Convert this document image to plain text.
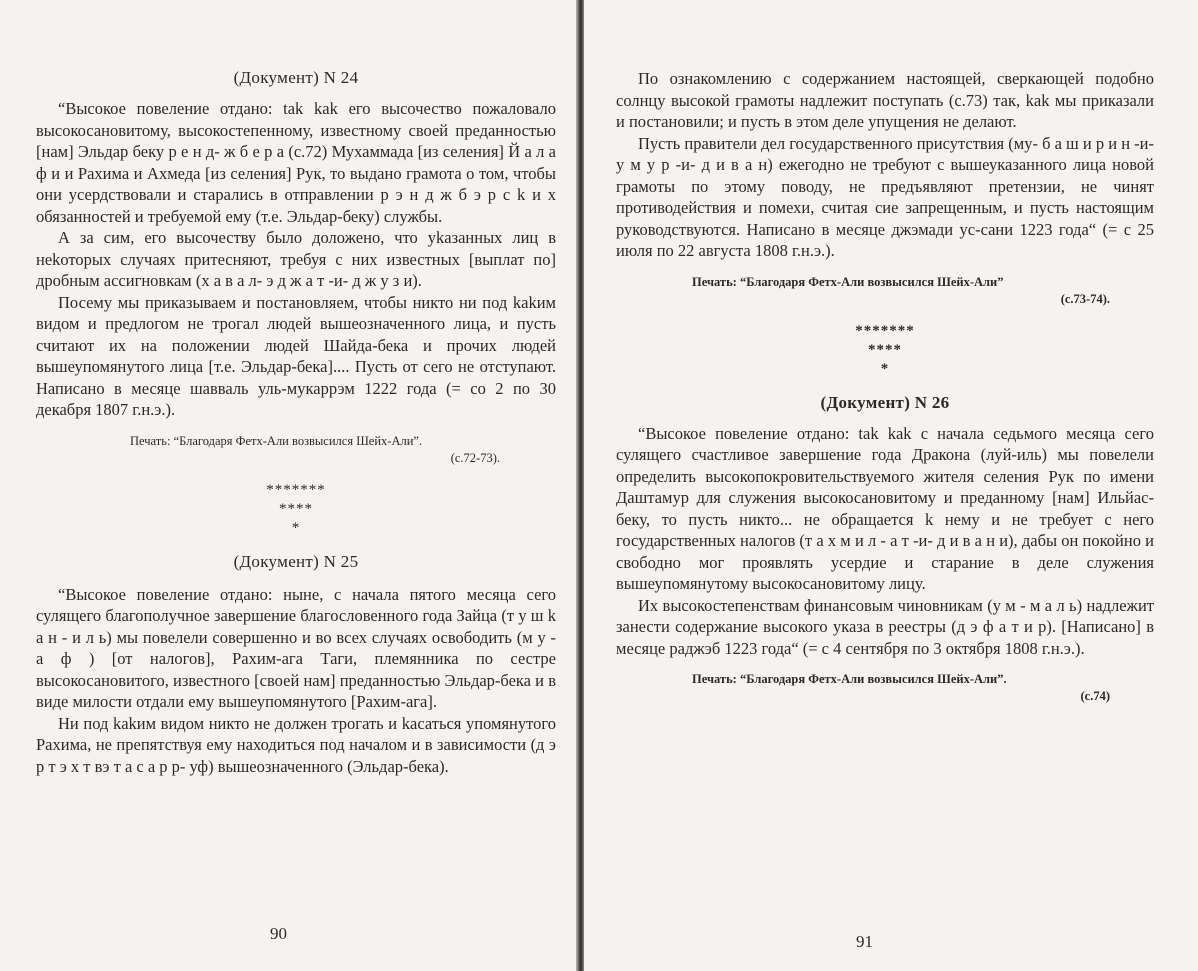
(Документ) N 24

“Высокое повеление отдано: tak kak его высочество пожаловало высокосановитому, высокостепенному, известному своей преданностью [нам] Эльдар беку р е н д- ж б е р а (с.72) Мухаммада [из селения] Й а л а ф и и Рахима и Ахмеда [из селения] Рук, то выдано грамота о том, чтобы они усердствовали и старались в отправлении р э н д ж б э р с k и х обязанностей и требуемой ему (т.е. Эльдар-беку) службы.

А за сим, его высочеству было доложено, что ykазанных лиц в неkоторых случаях притесняют, требуя с них известных [выплат по] дробным ассигновкам (х а в а л- э д ж а т -и- д ж у з и).

Посему мы приказываем и постановляем, чтобы никто ни под kаkим видом и предлогом не трогал людей вышеозначенного лица, и пусть считают их на положении людей Шайда-бека и прочих людей вышеупомянутого лица [т.е. Эльдар-бека].... Пусть от сего не отступают. Написано в месяце шавваль уль-мукаррэм 1222 года (= со 2 по 30 декабря 1807 г.н.э.).

Печать: “Благодаря Фетх-Али возвысился Шейх-Али”.
(с.72-73).

*******

****

*

(Документ) N 25

“Высокое повеление отдано: ныне, с начала пятого месяца сего сулящего благополучное завершение благословенного года Зайца (т у ш k а н - и л ь) мы повелели совершенно и во всех случаях освободить (м у - а ф ) [от налогов], Рахим-ага Таги, племянника по сестре высокосановитого, известного [своей нам] преданностью Эльдар-бека и в виде милости отдали ему вышеупомянутого [Рахим-ага].

Ни под kаkим видом никто не должен трогать и kасаться упомянутого Рахима, не препятствуя ему находиться под началом и в зависимости (д э р т э х т вэ т а с а р р- уф) вышеозначенного (Эльдар-бека).

90

По ознакомлению с содержанием настоящей, сверкающей подобно солнцу высокой грамоты надлежит поступать (с.73) так, kak мы приказали и постановили; и пусть в этом деле упущения не делают.

Пусть правители дел государственного присутствия (му- б а ш и р и н -и- у м у р -и- д и в а н) ежегодно не требуют с вышеуказанного лица новой грамоты по этому поводу, не предъявляют претензии, не чинят противодействия и помехи, считая сие запрещенным, и пусть настоящим руководствуются. Написано в месяце джэмади ус-сани 1223 года“ (= с 25 июля по 22 августа 1808 г.н.э.).

Печать: “Благодаря Фетх-Али возвысился Шейх-Али”
(с.73-74).

*******

****

*

(Документ) N 26

“Высокое повеление отдано: tak kak с начала седьмого месяца сего сулящего счастливое завершение года Дракона (луй-иль) мы повелели определить высокопокровительствуемого жителя селения Рук по имени Даштамур для служения высокосановитому и преданному [нам] Ильйас-беку, то пусть никто... не обращается k нему и не требует с него государственных налогов (т а х м и л - а т -и- д и в а н и), дабы он покойно и свободно мог проявлять усердие и старание в деле служения вышеупомянутому высокосановитому лицу.

Их высокостепенствам финансовым чиновникам (у м - м а л ь) надлежит занести содержание высокого указа в реестры (д э ф а т и р). [Написано] в месяце раджэб 1223 года“ (= с 4 сентября по 3 октября 1808 г.н.э.).

Печать: “Благодаря Фетх-Али возвысился Шейх-Али”.
(с.74)

91
